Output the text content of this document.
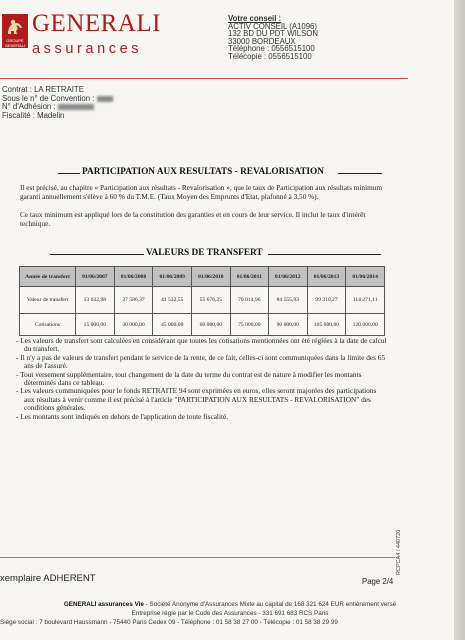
GROUPE GENERALI
GENERALI
assurances
Votre conseil :
ACTIV CONSEIL (A1096)
132 BD DU PDT WILSON
33000 BORDEAUX
Téléphone : 0556515100
Télécopie : 0556515100
Contrat : LA RETRAITE
Sous le n° de Convention :
N° d'Adhésion :
Fiscalité : Madelin
PARTICIPATION AUX RESULTATS - REVALORISATION
Il est précisé, au chapitre « Participation aux résultats - Revalorisation », que le taux de Participation aux résultats minimum garanti annuellement s'élève à 60 % du T.M.E. (Taux Moyen des Emprunts d'Etat, plafonné à 3,50 %).
Ce taux minimum est appliqué lors de la constitution des garanties et en cours de leur service. Il inclut le taux d'intérêt technique.
VALEURS DE TRANSFERT
Année de transfert	01/06/2007	01/06/2008	01/06/2009	01/06/2010	01/06/2011	01/06/2012	01/06/2013	01/06/2014
Valeur de transfert	13 632,98	27 586,37	41 532,55	55 676,25	70 014,96	84 555,93	99 310,27	114 271,11
Cotisations	15 000,00	30 000,00	45 000,00	60 000,00	75 000,00	90 000,00	105 000,00	120 000,00
- Les valeurs de transfert sont calculées en considérant que toutes les cotisations mentionnées ont été réglées à la date de calcul du transfert.
- Il n'y a pas de valeurs de transfert pendant le service de la rente, de ce fait, celles-ci sont communiquées dans la limite des 65 ans de l'assuré.
- Tout versement supplémentaire, tout changement de la date du terme du contrat est de nature à modifier les montants déterminés dans ce tableau.
- Les valeurs communiquées pour le fonds RETRAITE 94 sont exprimées en euros, elles seront majorées des participations aux résultats à venir comme il est précisé à l'article "PARTICIPATION AUX RESULTATS - REVALORISATION" des conditions générales.
- Les montants sont indiqués en dehors de l'application de toute fiscalité.
RCPCA4 / 440720
xemplaire ADHERENT	Page 2/4
GENERALI assurances Vie - Société Anonyme d'Assurances Mixte au capital de 168 321 624 EUR entièrement versé
Entreprise régie par le Code des Assurances - 331 691 683 RCS Paris
Siège social : 7 boulevard Haussmann - 75440 Paris Cedex 09 - Téléphone : 01 58 38 27 00 - Télécopie : 01 58 38 29 99
